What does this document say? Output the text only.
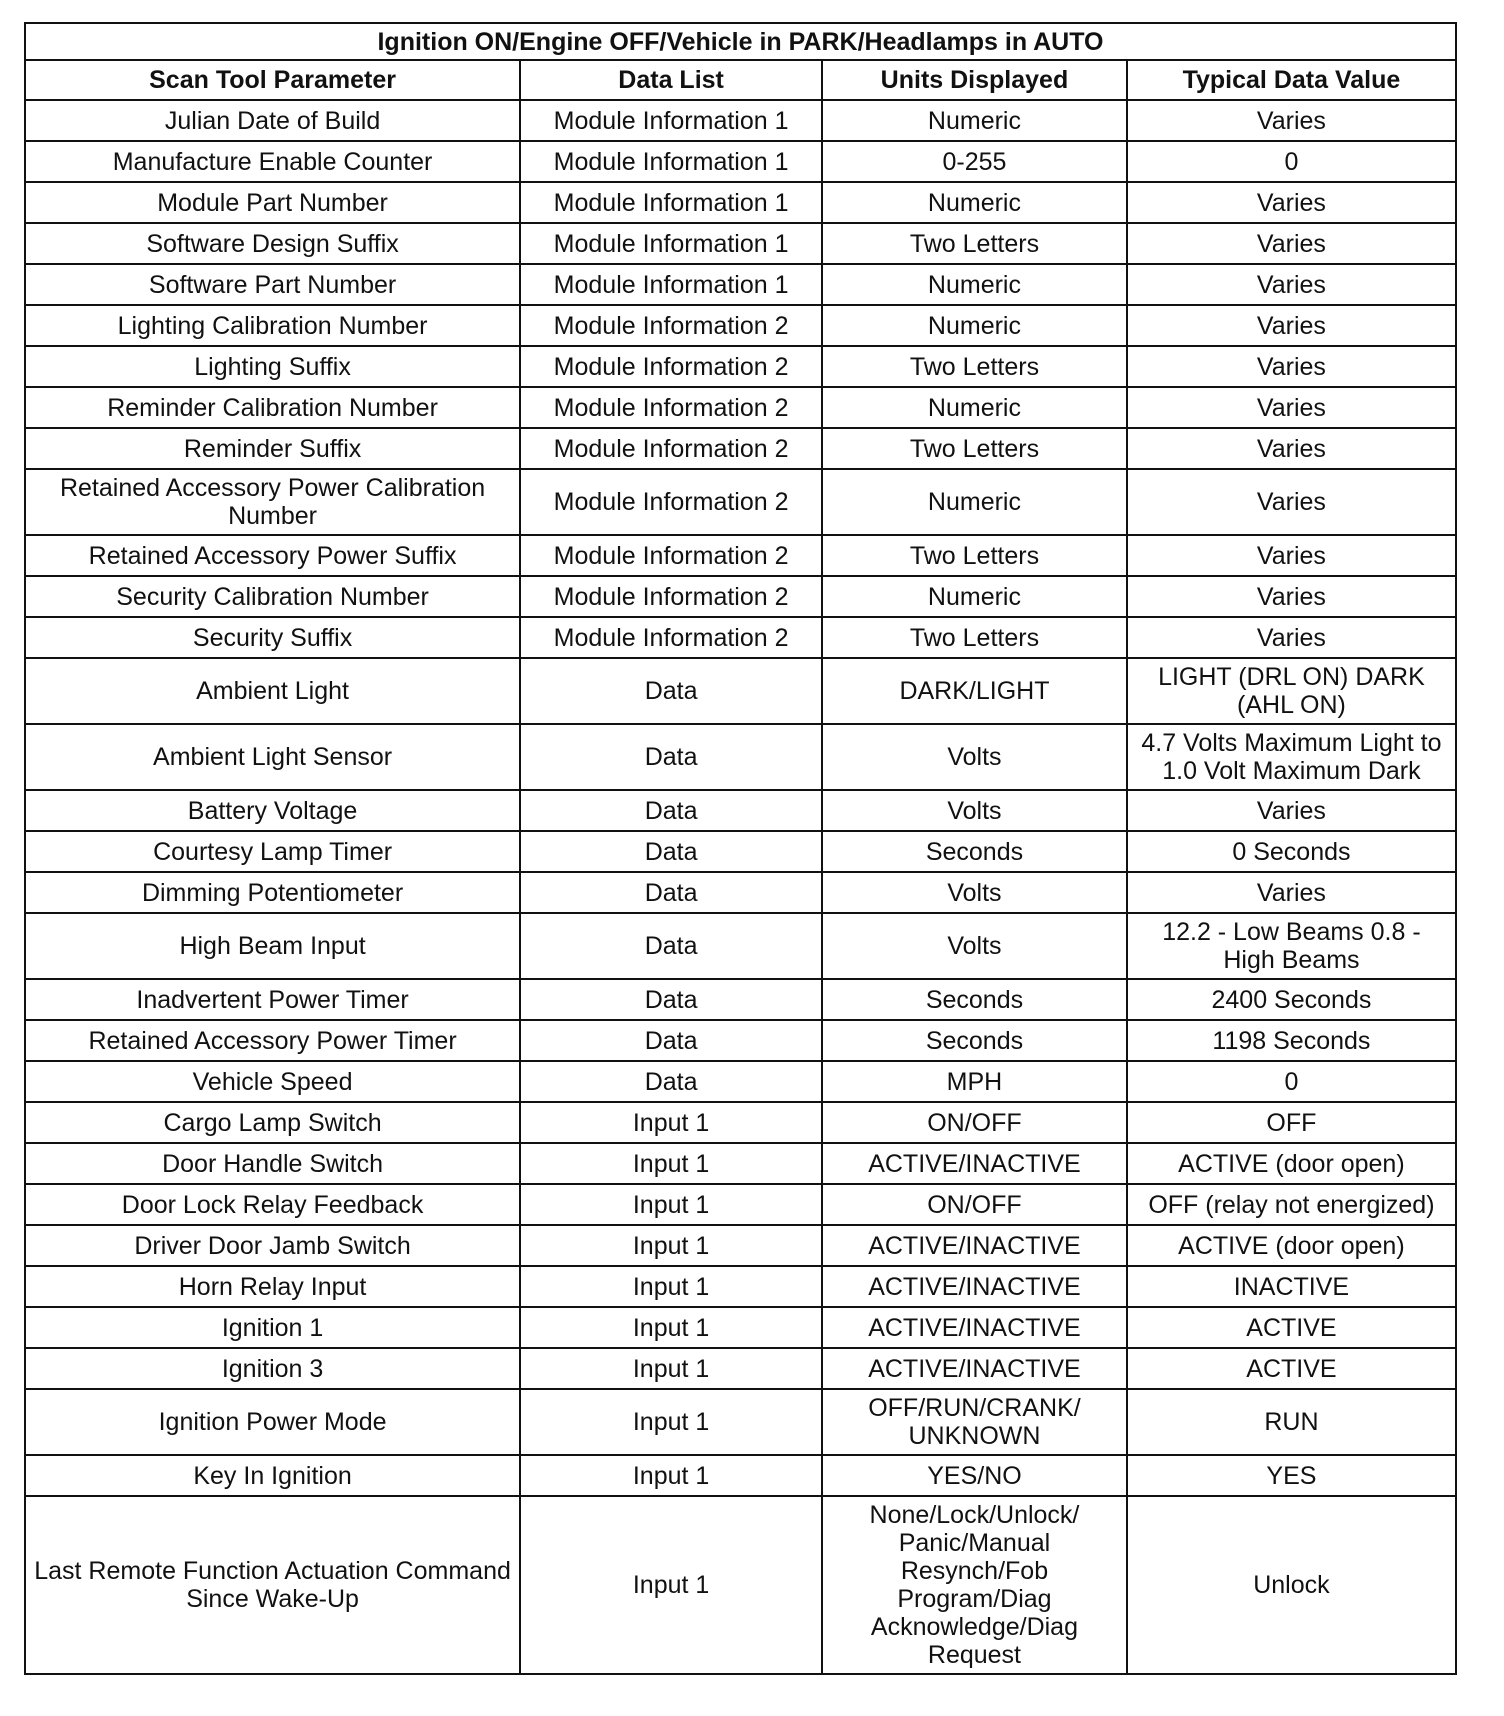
Ignition ON/Engine OFF/Vehicle in PARK/Headlamps in AUTO
Scan Tool Parameter	Data List	Units Displayed	Typical Data Value
Julian Date of Build	Module Information 1	Numeric	Varies
Manufacture Enable Counter	Module Information 1	0-255	0
Module Part Number	Module Information 1	Numeric	Varies
Software Design Suffix	Module Information 1	Two Letters	Varies
Software Part Number	Module Information 1	Numeric	Varies
Lighting Calibration Number	Module Information 2	Numeric	Varies
Lighting Suffix	Module Information 2	Two Letters	Varies
Reminder Calibration Number	Module Information 2	Numeric	Varies
Reminder Suffix	Module Information 2	Two Letters	Varies
Retained Accessory Power Calibration Number	Module Information 2	Numeric	Varies
Retained Accessory Power Suffix	Module Information 2	Two Letters	Varies
Security Calibration Number	Module Information 2	Numeric	Varies
Security Suffix	Module Information 2	Two Letters	Varies
Ambient Light	Data	DARK/LIGHT	LIGHT (DRL ON) DARK (AHL ON)
Ambient Light Sensor	Data	Volts	4.7 Volts Maximum Light to 1.0 Volt Maximum Dark
Battery Voltage	Data	Volts	Varies
Courtesy Lamp Timer	Data	Seconds	0 Seconds
Dimming Potentiometer	Data	Volts	Varies
High Beam Input	Data	Volts	12.2 - Low Beams 0.8 - High Beams
Inadvertent Power Timer	Data	Seconds	2400 Seconds
Retained Accessory Power Timer	Data	Seconds	1198 Seconds
Vehicle Speed	Data	MPH	0
Cargo Lamp Switch	Input 1	ON/OFF	OFF
Door Handle Switch	Input 1	ACTIVE/INACTIVE	ACTIVE (door open)
Door Lock Relay Feedback	Input 1	ON/OFF	OFF (relay not energized)
Driver Door Jamb Switch	Input 1	ACTIVE/INACTIVE	ACTIVE (door open)
Horn Relay Input	Input 1	ACTIVE/INACTIVE	INACTIVE
Ignition 1	Input 1	ACTIVE/INACTIVE	ACTIVE
Ignition 3	Input 1	ACTIVE/INACTIVE	ACTIVE
Ignition Power Mode	Input 1	OFF/RUN/CRANK/ UNKNOWN	RUN
Key In Ignition	Input 1	YES/NO	YES
Last Remote Function Actuation Command Since Wake-Up	Input 1	None/Lock/Unlock/ Panic/Manual Resynch/Fob Program/Diag Acknowledge/Diag Request	Unlock
